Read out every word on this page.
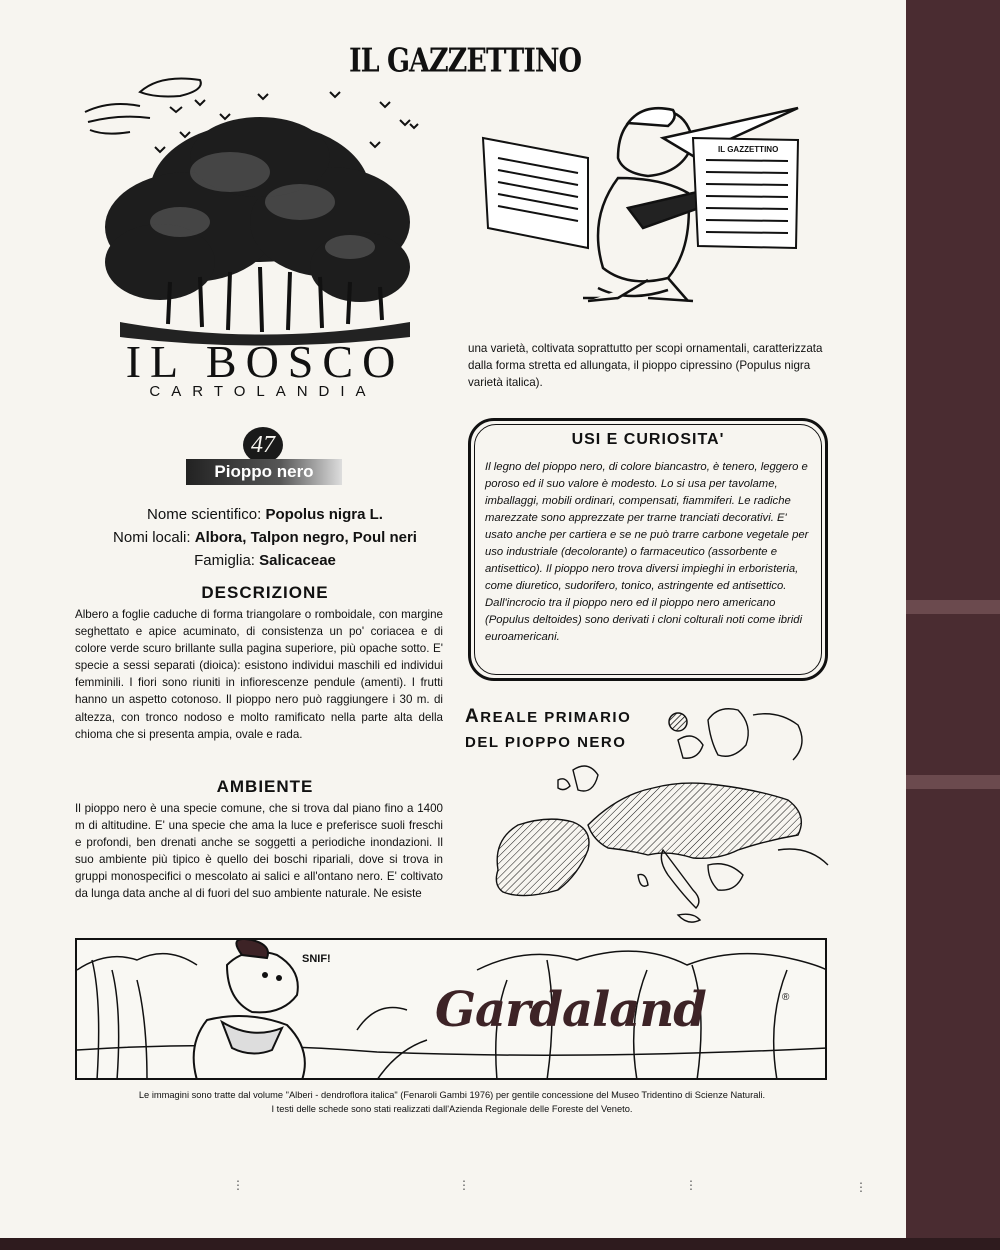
IL GAZZETTINO
IL GAZZETTINO
IL BOSCO
CARTOLANDIA
47
Pioppo nero
Nome scientifico: Popolus nigra L.
Nomi locali: Albora, Talpon negro, Poul neri
Famiglia: Salicaceae
DESCRIZIONE
Albero a foglie caduche di forma triangolare o romboidale, con margine seghettato e apice acuminato, di consistenza un po' coriacea e di colore verde scuro brillante sulla pagina superiore, più opache sotto. E' specie a sessi separati (dioica): esistono individui maschili ed individui femminili. I fiori sono riuniti in infiorescenze pendule (amenti). I frutti hanno un aspetto cotonoso. Il pioppo nero può raggiungere i 30 m. di altezza, con tronco nodoso e molto ramificato nella parte alta della chioma che si presenta ampia, ovale e rada.
AMBIENTE
Il pioppo nero è una specie comune, che si trova dal piano fino a 1400 m di altitudine. E' una specie che ama la luce e preferisce suoli freschi e profondi, ben drenati anche se soggetti a periodiche inondazioni. Il suo ambiente più tipico è quello dei boschi ripariali, dove si trova in gruppi monospecifici o mescolato ai salici e all'ontano nero. E' coltivato da lunga data anche al di fuori del suo ambiente naturale. Ne esiste
una varietà, coltivata soprattutto per scopi ornamentali, caratterizzata dalla forma stretta ed allungata, il pioppo cipressino (Populus nigra varietà italica).
USI E CURIOSITA'
Il legno del pioppo nero, di colore biancastro, è tenero, leggero e poroso ed il suo valore è modesto. Lo si usa per tavolame, imballaggi, mobili ordinari, compensati, fiammiferi. Le radiche marezzate sono apprezzate per trarne tranciati decorativi. E' usato anche per cartiera e se ne può trarre carbone vegetale per uso industriale (decolorante) o farmaceutico (assorbente e antisettico). Il pioppo nero trova diversi impieghi in erboristeria, come diuretico, sudorifero, tonico, astringente ed antisettico. Dall'incrocio tra il pioppo nero ed il pioppo nero americano (Populus deltoides) sono derivati i cloni colturali noti come ibridi euroamericani.
AREALE PRIMARIO
DEL PIOPPO NERO
SNIF!
Gardaland	®
Le immagini sono tratte dal volume "Alberi - dendroflora italica" (Fenaroli Gambi 1976) per gentile concessione del Museo Tridentino di Scienze Naturali.
I testi delle schede sono stati realizzati dall'Azienda Regionale delle Foreste del Veneto.
⋮	⋮	⋮	⋮
